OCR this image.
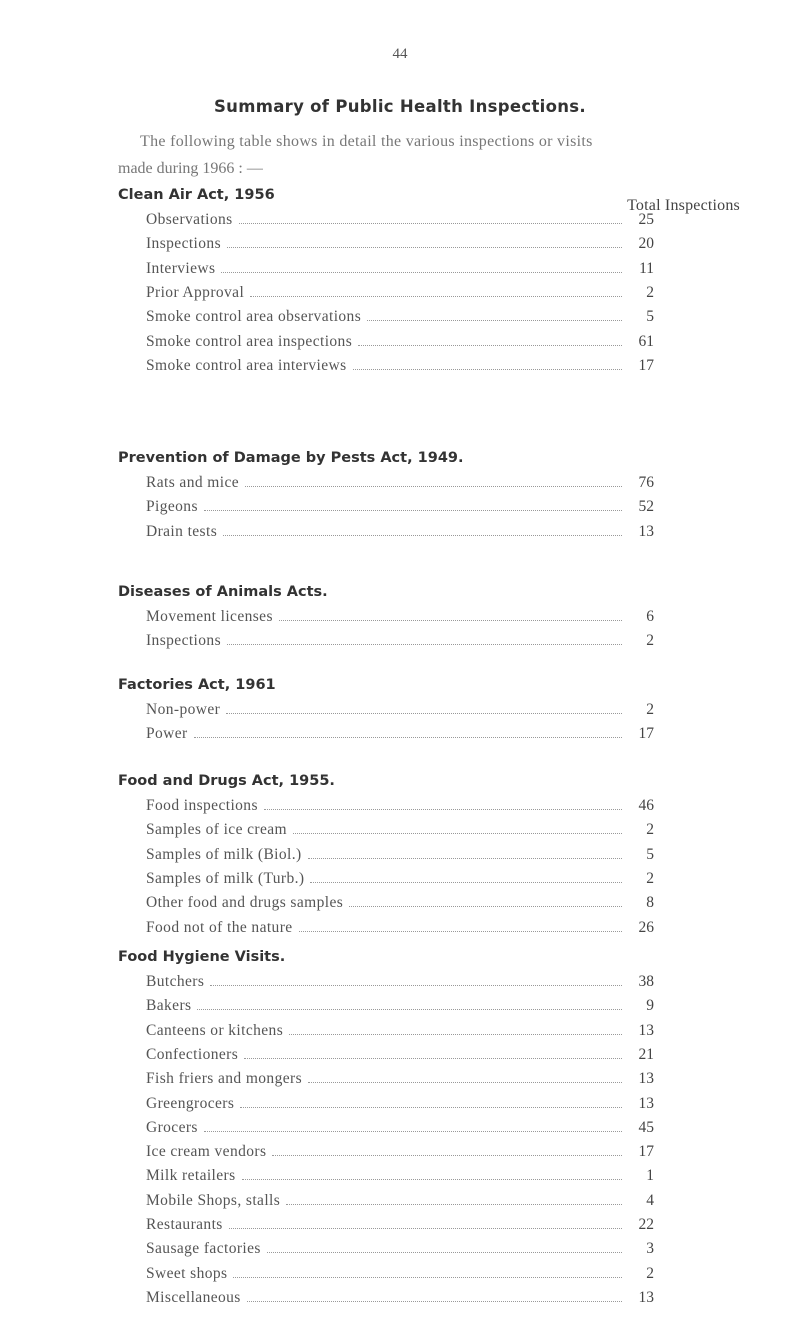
44
Summary of Public Health Inspections.
The following table shows in detail the various inspections or visits
made during 1966 : —
Total Inspections
Clean Air Act, 1956
Observations	25
Inspections	20
Interviews	11
Prior Approval	2
Smoke control area observations	5
Smoke control area inspections	61
Smoke control area interviews	17
Prevention of Damage by Pests Act, 1949.
Rats and mice	76
Pigeons	52
Drain tests	13
Diseases of Animals Acts.
Movement licenses	6
Inspections	2
Factories Act, 1961
Non-power	2
Power	17
Food and Drugs Act, 1955.
Food inspections	46
Samples of ice cream	2
Samples of milk (Biol.)	5
Samples of milk (Turb.)	2
Other food and drugs samples	8
Food not of the nature	26
Food Hygiene Visits.
Butchers	38
Bakers	9
Canteens or kitchens	13
Confectioners	21
Fish friers and mongers	13
Greengrocers	13
Grocers	45
Ice cream vendors	17
Milk retailers	1
Mobile Shops, stalls	4
Restaurants	22
Sausage factories	3
Sweet shops	2
Miscellaneous	13
